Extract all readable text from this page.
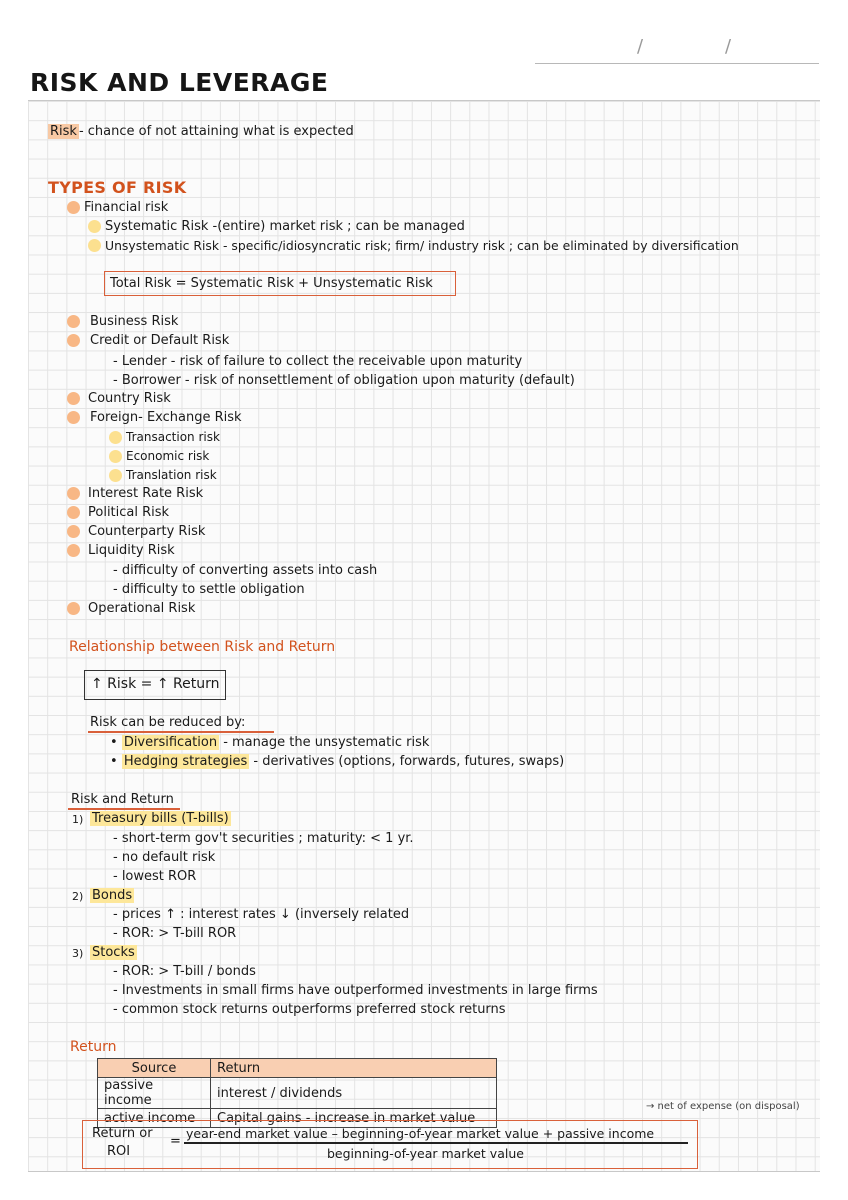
/	/
RISK AND LEVERAGE
Risk - chance of not attaining what is expected
TYPES OF RISK
Financial risk
Systematic Risk -(entire) market risk ; can be managed
Unsystematic Risk - specific/idiosyncratic risk; firm/ industry risk ; can be eliminated by diversification
Total Risk = Systematic Risk + Unsystematic Risk
Business Risk
Credit or Default Risk
- Lender - risk of failure to collect the receivable upon maturity
- Borrower - risk of nonsettlement of obligation upon maturity (default)
Country Risk
Foreign- Exchange Risk
Transaction risk
Economic risk
Translation risk
Interest Rate Risk
Political Risk
Counterparty Risk
Liquidity Risk
- difficulty of converting assets into cash
- difficulty to settle obligation
Operational Risk
Relationship between Risk and Return
↑ Risk = ↑ Return
Risk can be reduced by:
• Diversification - manage the unsystematic risk
• Hedging strategies - derivatives (options, forwards, futures, swaps)
Risk and Return
1) Treasury bills (T-bills)
- short-term gov't securities ; maturity: < 1 yr.
- no default risk
- lowest ROR
2) Bonds
- prices ↑ : interest rates ↓ (inversely related
- ROR: > T-bill ROR
3) Stocks
- ROR: > T-bill / bonds
- Investments in small firms have outperformed investments in large firms
- common stock returns outperforms preferred stock returns
Return
Source	Return
passive income	interest / dividends
active income	Capital gains - increase in market value
→ net of expense (on disposal)
Return or
ROI
=
year-end market value – beginning-of-year market value + passive income
beginning-of-year market value
